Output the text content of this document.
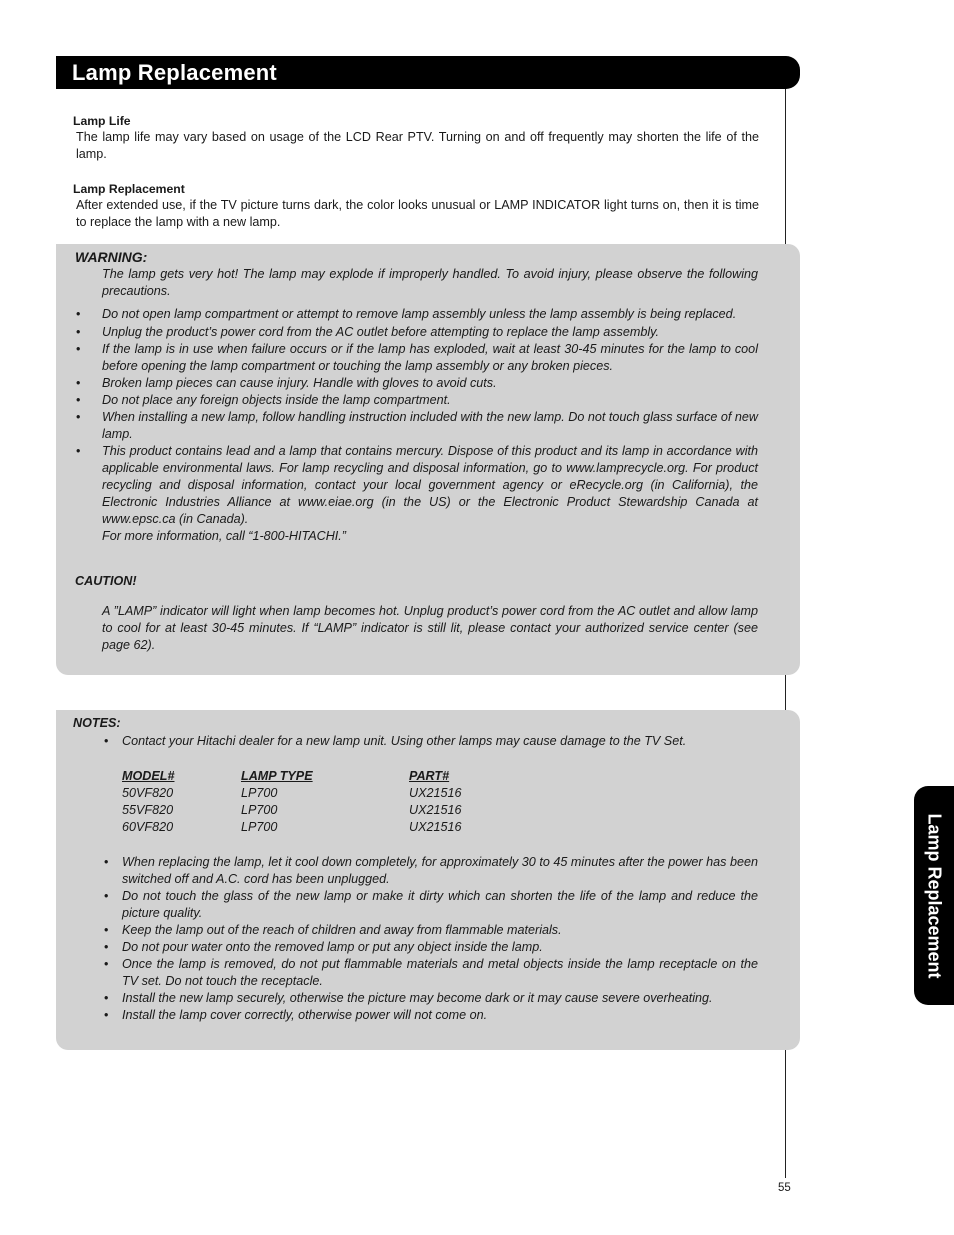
Lamp Replacement
Lamp Life

The lamp life may vary based on usage of the LCD Rear PTV. Turning on and off frequently may shorten the life of the lamp.

Lamp Replacement

After extended use, if the TV picture turns dark, the color looks unusual or LAMP INDICATOR light turns on, then it is time to replace the lamp with a new lamp.

WARNING:
The lamp gets very hot! The lamp may explode if improperly handled. To avoid injury, please observe the following precautions.
• Do not open lamp compartment or attempt to remove lamp assembly unless the lamp assembly is being replaced.
• Unplug the product’s power cord from the AC outlet before attempting to replace the lamp assembly.
• If the lamp is in use when failure occurs or if the lamp has exploded, wait at least 30-45 minutes for the lamp to cool before opening the lamp compartment or touching the lamp assembly or any broken pieces.
• Broken lamp pieces can cause injury. Handle with gloves to avoid cuts.
• Do not place any foreign objects inside the lamp compartment.
• When installing a new lamp, follow handling instruction included with the new lamp. Do not touch glass surface of new lamp.
• This product contains lead and a lamp that contains mercury. Dispose of this product and its lamp in accordance with applicable environmental laws. For lamp recycling and disposal information, go to www.lamprecycle.org. For product recycling and disposal information, contact your local government agency or eRecycle.org (in California), the Electronic Industries Alliance at www.eiae.org (in the US) or the Electronic Product Stewardship Canada at www.epsc.ca (in Canada).
For more information, call “1-800-HITACHI.”
CAUTION!
A ”LAMP” indicator will light when lamp becomes hot. Unplug product’s power cord from the AC outlet and allow lamp to cool for at least 30-45 minutes. If “LAMP” indicator is still lit, please contact your authorized service center (see page 62).
NOTES:
• Contact your Hitachi dealer for a new lamp unit. Using other lamps may cause damage to the TV Set.
MODEL#	LAMP TYPE	PART#
50VF820	LP700	UX21516
55VF820	LP700	UX21516
60VF820	LP700	UX21516
• When replacing the lamp, let it cool down completely, for approximately 30 to 45 minutes after the power has been switched off and A.C. cord has been unplugged.
• Do not touch the glass of the new lamp or make it dirty which can shorten the life of the lamp and reduce the picture quality.
• Keep the lamp out of the reach of children and away from flammable materials.
• Do not pour water onto the removed lamp or put any object inside the lamp.
• Once the lamp is removed, do not put flammable materials and metal objects inside the lamp receptacle on the TV set. Do not touch the receptacle.
• Install the new lamp securely, otherwise the picture may become dark or it may cause severe overheating.
• Install the lamp cover correctly, otherwise power will not come on.
Lamp Replacement
55
